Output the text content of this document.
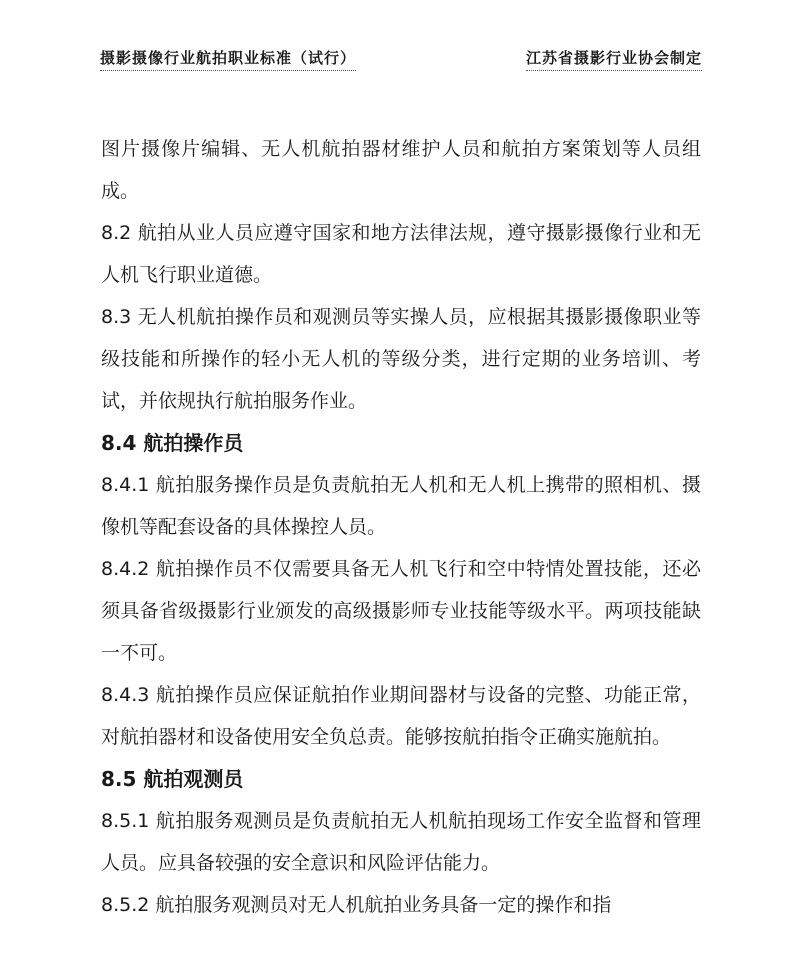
摄影摄像行业航拍职业标准（试行）	江苏省摄影行业协会制定

图片摄像片编辑、无人机航拍器材维护人员和航拍方案策划等人员组成。

8.2 航拍从业人员应遵守国家和地方法律法规，遵守摄影摄像行业和无人机飞行职业道德。

8.3 无人机航拍操作员和观测员等实操人员，应根据其摄影摄像职业等级技能和所操作的轻小无人机的等级分类，进行定期的业务培训、考试，并依规执行航拍服务作业。

8.4 航拍操作员

8.4.1 航拍服务操作员是负责航拍无人机和无人机上携带的照相机、摄像机等配套设备的具体操控人员。

8.4.2 航拍操作员不仅需要具备无人机飞行和空中特情处置技能，还必须具备省级摄影行业颁发的高级摄影师专业技能等级水平。两项技能缺一不可。

8.4.3 航拍操作员应保证航拍作业期间器材与设备的完整、功能正常，对航拍器材和设备使用安全负总责。能够按航拍指令正确实施航拍。

8.5 航拍观测员

8.5.1 航拍服务观测员是负责航拍无人机航拍现场工作安全监督和管理人员。应具备较强的安全意识和风险评估能力。

8.5.2 航拍服务观测员对无人机航拍业务具备一定的操作和指
